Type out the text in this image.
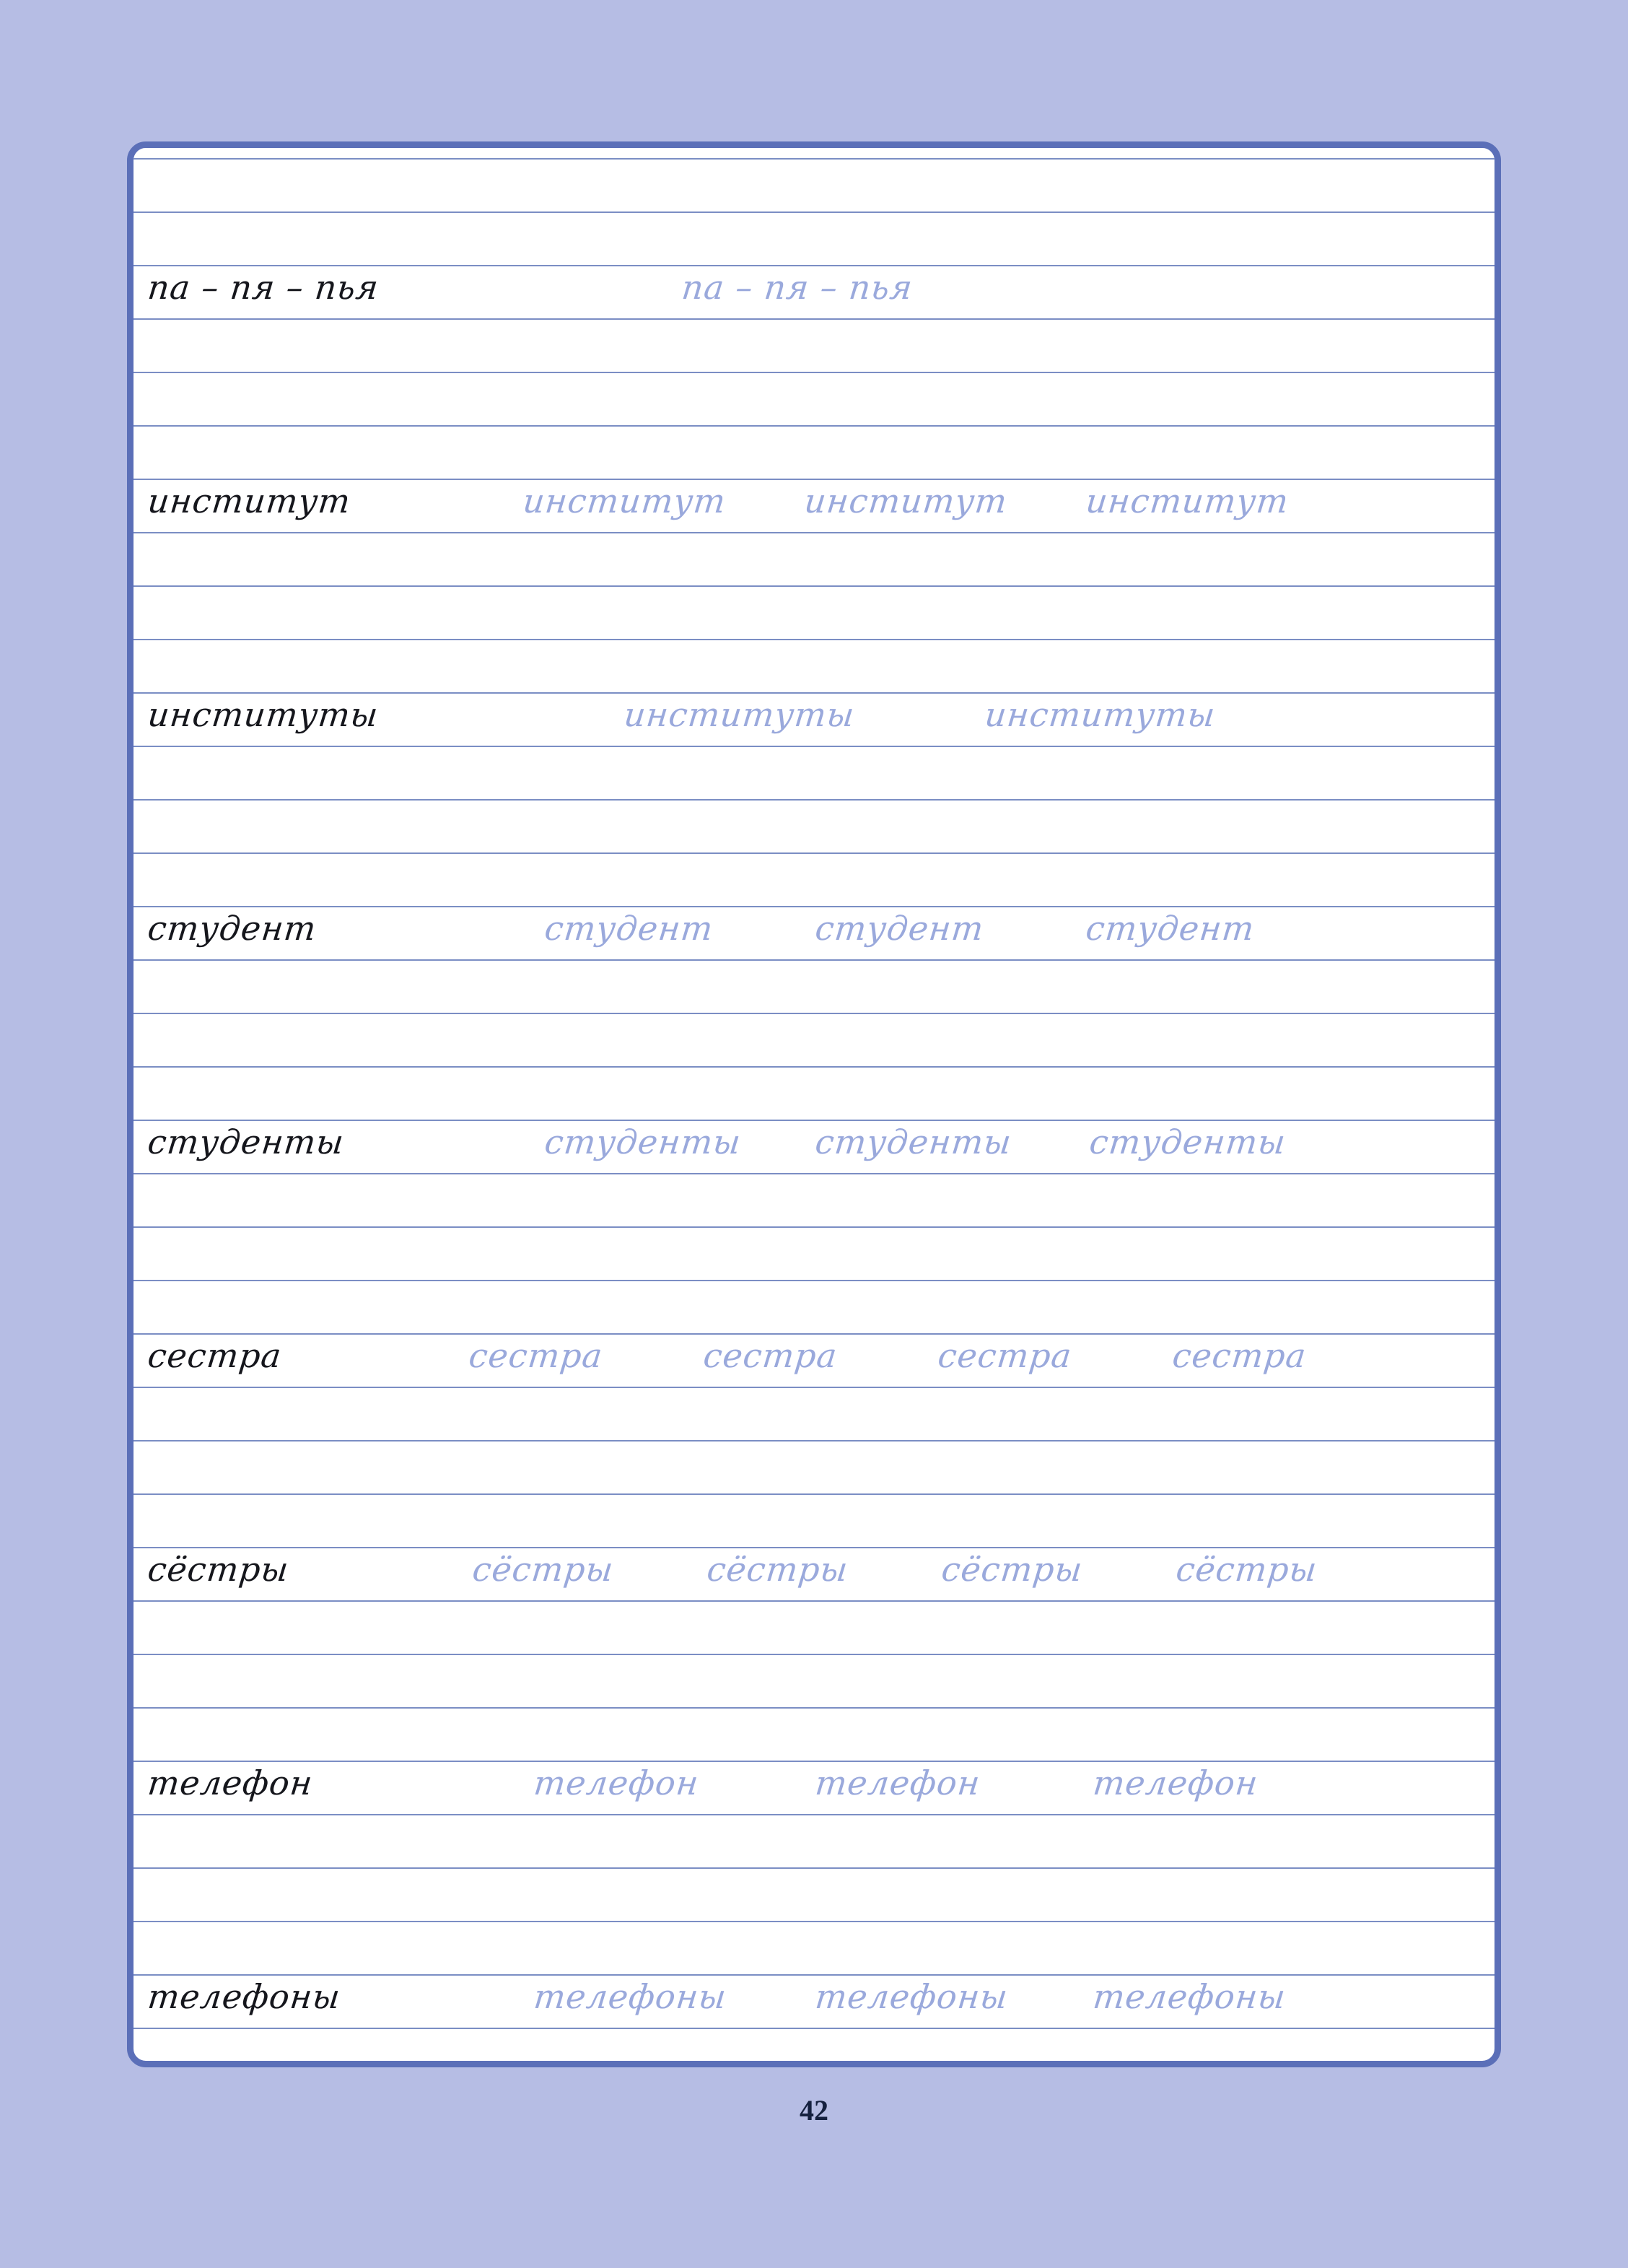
па – пя – пья	па – пя – пья
институт	институт институт институт
институты	институты	институты
студент	студент	студент	студент
студенты	студенты студенты студенты
сестра	сестра	сестра	сестра	сестра
сёстры	сёстры	сёстры	сёстры	сёстры
телефон	телефон	телефон	телефон
телефоны	телефоны	телефоны телефоны
42
